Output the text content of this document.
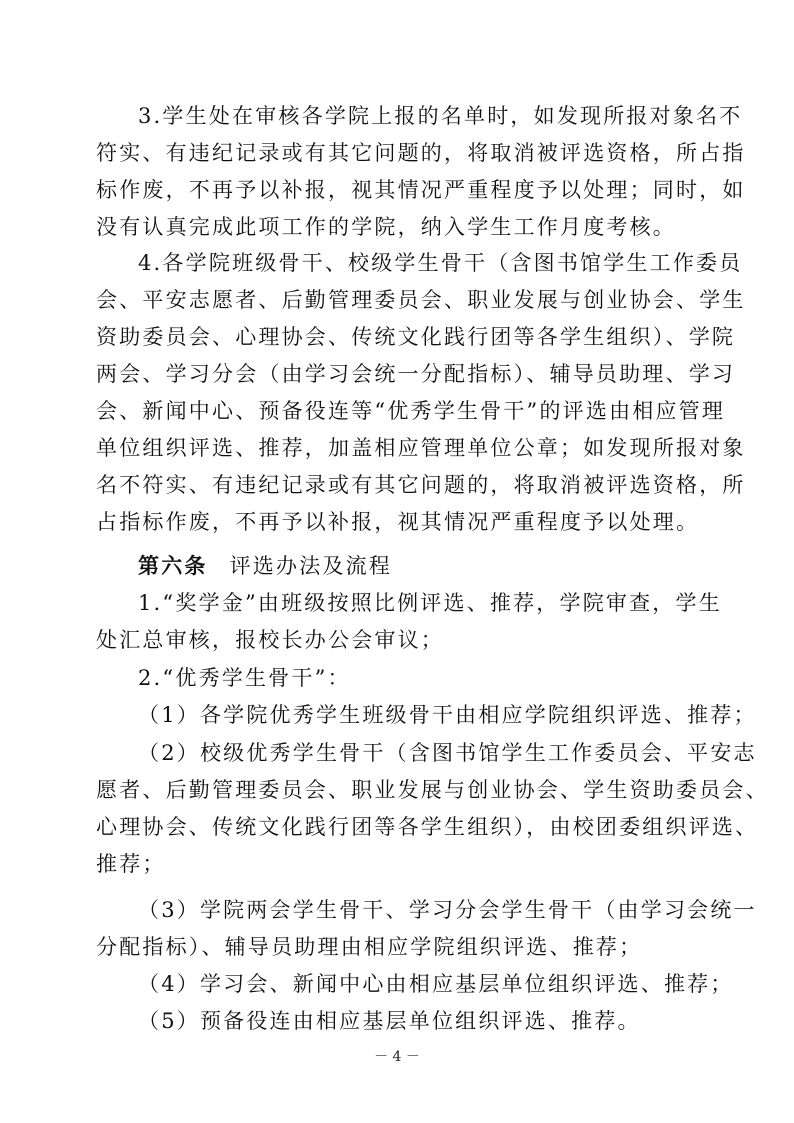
3.学生处在审核各学院上报的名单时，如发现所报对象名不

符实、有违纪记录或有其它问题的，将取消被评选资格，所占指

标作废，不再予以补报，视其情况严重程度予以处理；同时，如

没有认真完成此项工作的学院，纳入学生工作月度考核。

4.各学院班级骨干、校级学生骨干（含图书馆学生工作委员

会、平安志愿者、后勤管理委员会、职业发展与创业协会、学生

资助委员会、心理协会、传统文化践行团等各学生组织）、学院

两会、学习分会（由学习会统一分配指标）、辅导员助理、学习

会、新闻中心、预备役连等“优秀学生骨干”的评选由相应管理

单位组织评选、推荐，加盖相应管理单位公章；如发现所报对象

名不符实、有违纪记录或有其它问题的，将取消被评选资格，所

占指标作废，不再予以补报，视其情况严重程度予以处理。

第六条 评选办法及流程

1.“奖学金”由班级按照比例评选、推荐，学院审查，学生

处汇总审核，报校长办公会审议；

2.“优秀学生骨干”：

（1）各学院优秀学生班级骨干由相应学院组织评选、推荐；

（2）校级优秀学生骨干（含图书馆学生工作委员会、平安志

愿者、后勤管理委员会、职业发展与创业协会、学生资助委员会、

心理协会、传统文化践行团等各学生组织），由校团委组织评选、

推荐；

（3）学院两会学生骨干、学习分会学生骨干（由学习会统一

分配指标）、辅导员助理由相应学院组织评选、推荐；

（4）学习会、新闻中心由相应基层单位组织评选、推荐；

（5）预备役连由相应基层单位组织评选、推荐。

－ 4 －
